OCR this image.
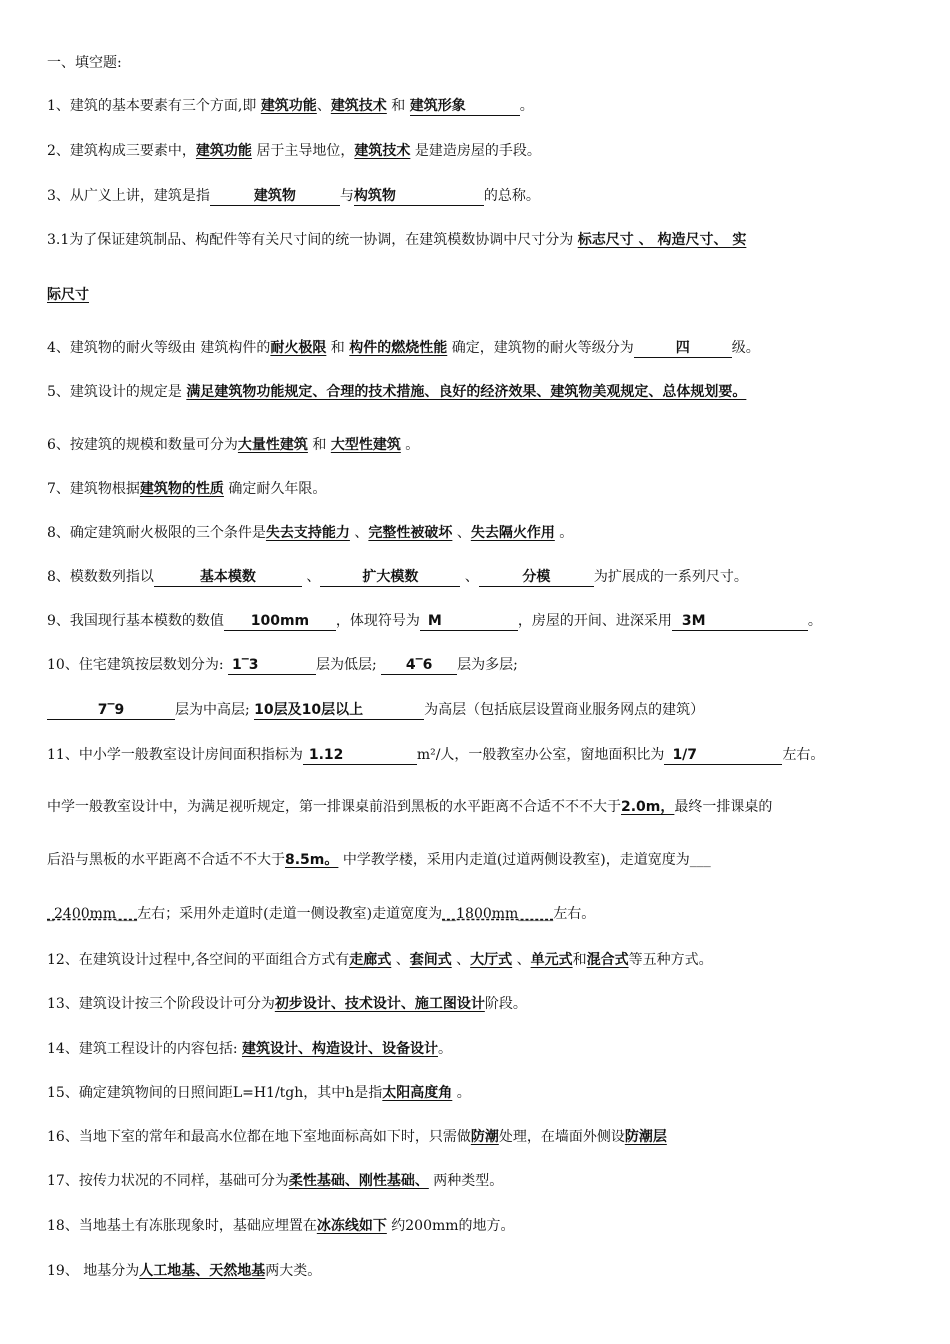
一、填空题:
1、建筑的基本要素有三个方面,即 建筑功能、建筑技术 和 建筑形象	。
2、建筑构成三要素中，建筑功能 居于主导地位，建筑技术 是建造房屋的手段。
3、从广义上讲，建筑是指	建筑物	与构筑物	的总称。
3.1为了保证建筑制品、构配件等有关尺寸间的统一协调，在建筑模数协调中尺寸分为 标志尺寸 、 构造尺寸、 实
际尺寸
4、建筑物的耐火等级由 建筑构件的耐火极限 和 构件的燃烧性能 确定，建筑物的耐火等级分为	四	级。
5、建筑设计的规定是 满足建筑物功能规定、合理的技术措施、良好的经济效果、建筑物美观规定、总体规划要。
6、按建筑的规模和数量可分为大量性建筑 和 大型性建筑 。
7、建筑物根据建筑物的性质 确定耐久年限。
8、确定建筑耐火极限的三个条件是失去支持能力 、完整性被破坏 、失去隔火作用 。
8、模数数列指以	基本模数	、	扩大模数	、	分模	为扩展成的一系列尺寸。
9、我国现行基本模数的数值 100mm ，体现符号为 M	，房屋的开间、进深采用 3M	。
10、住宅建筑按层数划分为: 1‾3	层为低层; 4‾6 层为多层;
7‾9	层为中高层; 10层及10层以上	为高层（包括底层设置商业服务网点的建筑）
11、中小学一般教室设计房间面积指标为 1.12	m²/人，一般教室办公室，窗地面积比为 1/7	左右。
中学一般教室设计中，为满足视听规定，第一排课桌前沿到黑板的水平距离不合适不不不大于2.0m，最终一排课桌的
后沿与黑板的水平距离不合适不不大于8.5m。 中学教学楼，采用内走道(过道两侧设教室)，走道宽度为___
_2400mm___左右；采用外走道时(走道一侧设教室)走道宽度为__1800mm_____左右。
12、在建筑设计过程中,各空间的平面组合方式有走廊式 、套间式 、大厅式 、单元式和混合式等五种方式。
13、建筑设计按三个阶段设计可分为初步设计、技术设计、施工图设计阶段。
14、建筑工程设计的内容包括: 建筑设计、构造设计、设备设计。
15、确定建筑物间的日照间距L=H1/tgh，其中h是指太阳高度角 。
16、当地下室的常年和最高水位都在地下室地面标高如下时，只需做防潮处理，在墙面外侧设防潮层
17、按传力状况的不同样，基础可分为柔性基础、刚性基础、 两种类型。
18、当地基土有冻胀现象时，基础应埋置在冰冻线如下 约200mm的地方。
19、 地基分为人工地基、天然地基两大类。
